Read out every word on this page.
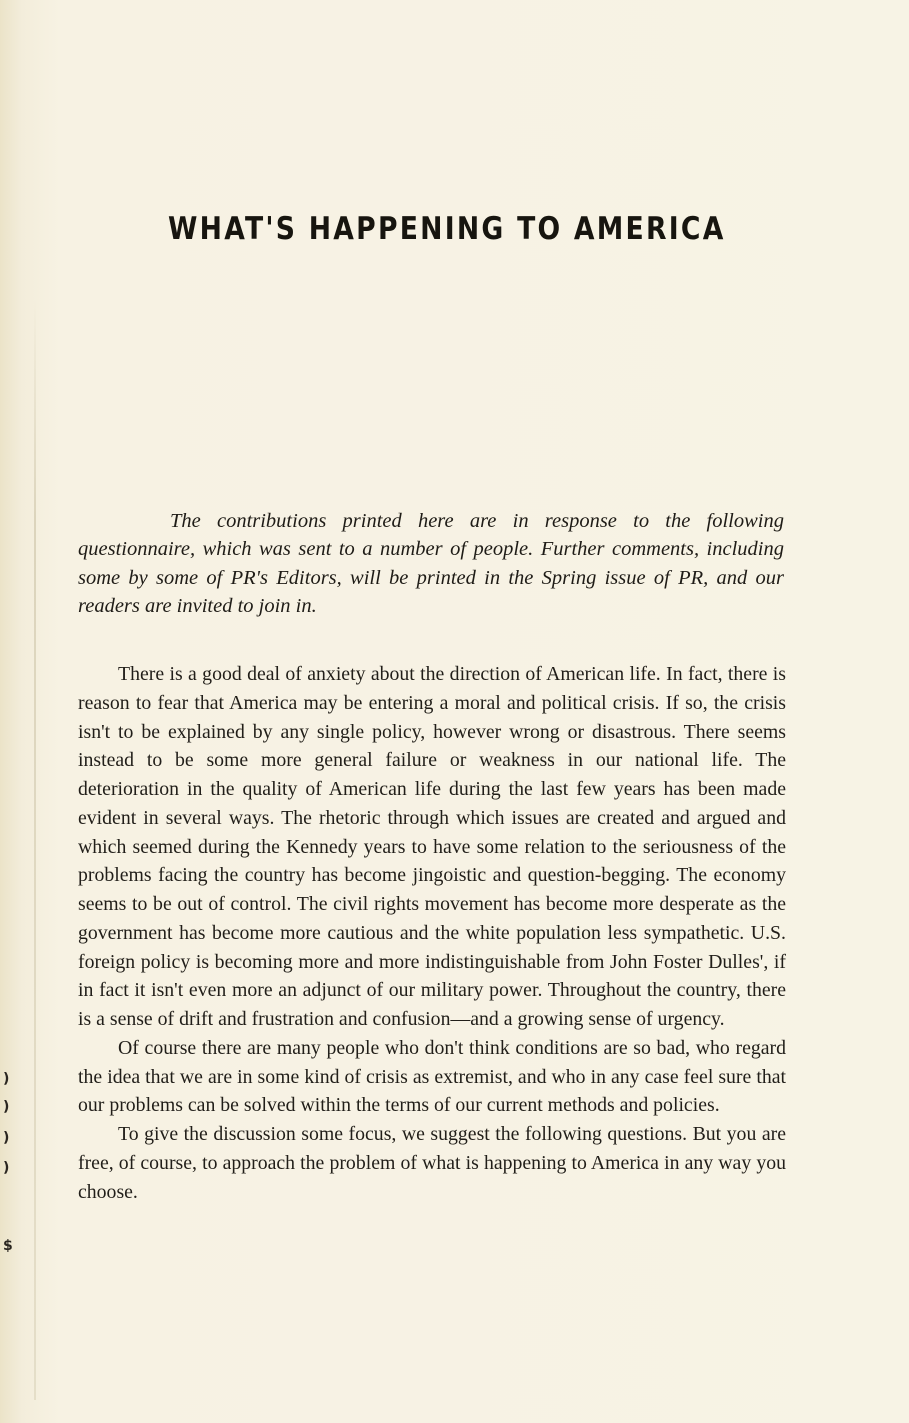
)
)
)
)
$
WHAT'S HAPPENING TO AMERICA

The contributions printed here are in response to the following questionnaire, which was sent to a number of people. Further comments, including some by some of PR's Editors, will be printed in the Spring issue of PR, and our readers are invited to join in.

There is a good deal of anxiety about the direction of American life. In fact, there is reason to fear that America may be entering a moral and political crisis. If so, the crisis isn't to be explained by any single policy, however wrong or disastrous. There seems instead to be some more general failure or weakness in our national life. The deterioration in the quality of American life during the last few years has been made evident in several ways. The rhetoric through which issues are created and argued and which seemed during the Kennedy years to have some relation to the seriousness of the problems facing the country has become jingoistic and question-begging. The economy seems to be out of control. The civil rights movement has become more desperate as the government has become more cautious and the white population less sympathetic. U.S. foreign policy is becoming more and more indistinguishable from John Foster Dulles', if in fact it isn't even more an adjunct of our military power. Throughout the country, there is a sense of drift and frustration and confusion—and a growing sense of urgency.

Of course there are many people who don't think conditions are so bad, who regard the idea that we are in some kind of crisis as extremist, and who in any case feel sure that our problems can be solved within the terms of our current methods and policies.

To give the discussion some focus, we suggest the following questions. But you are free, of course, to approach the problem of what is happening to America in any way you choose.
